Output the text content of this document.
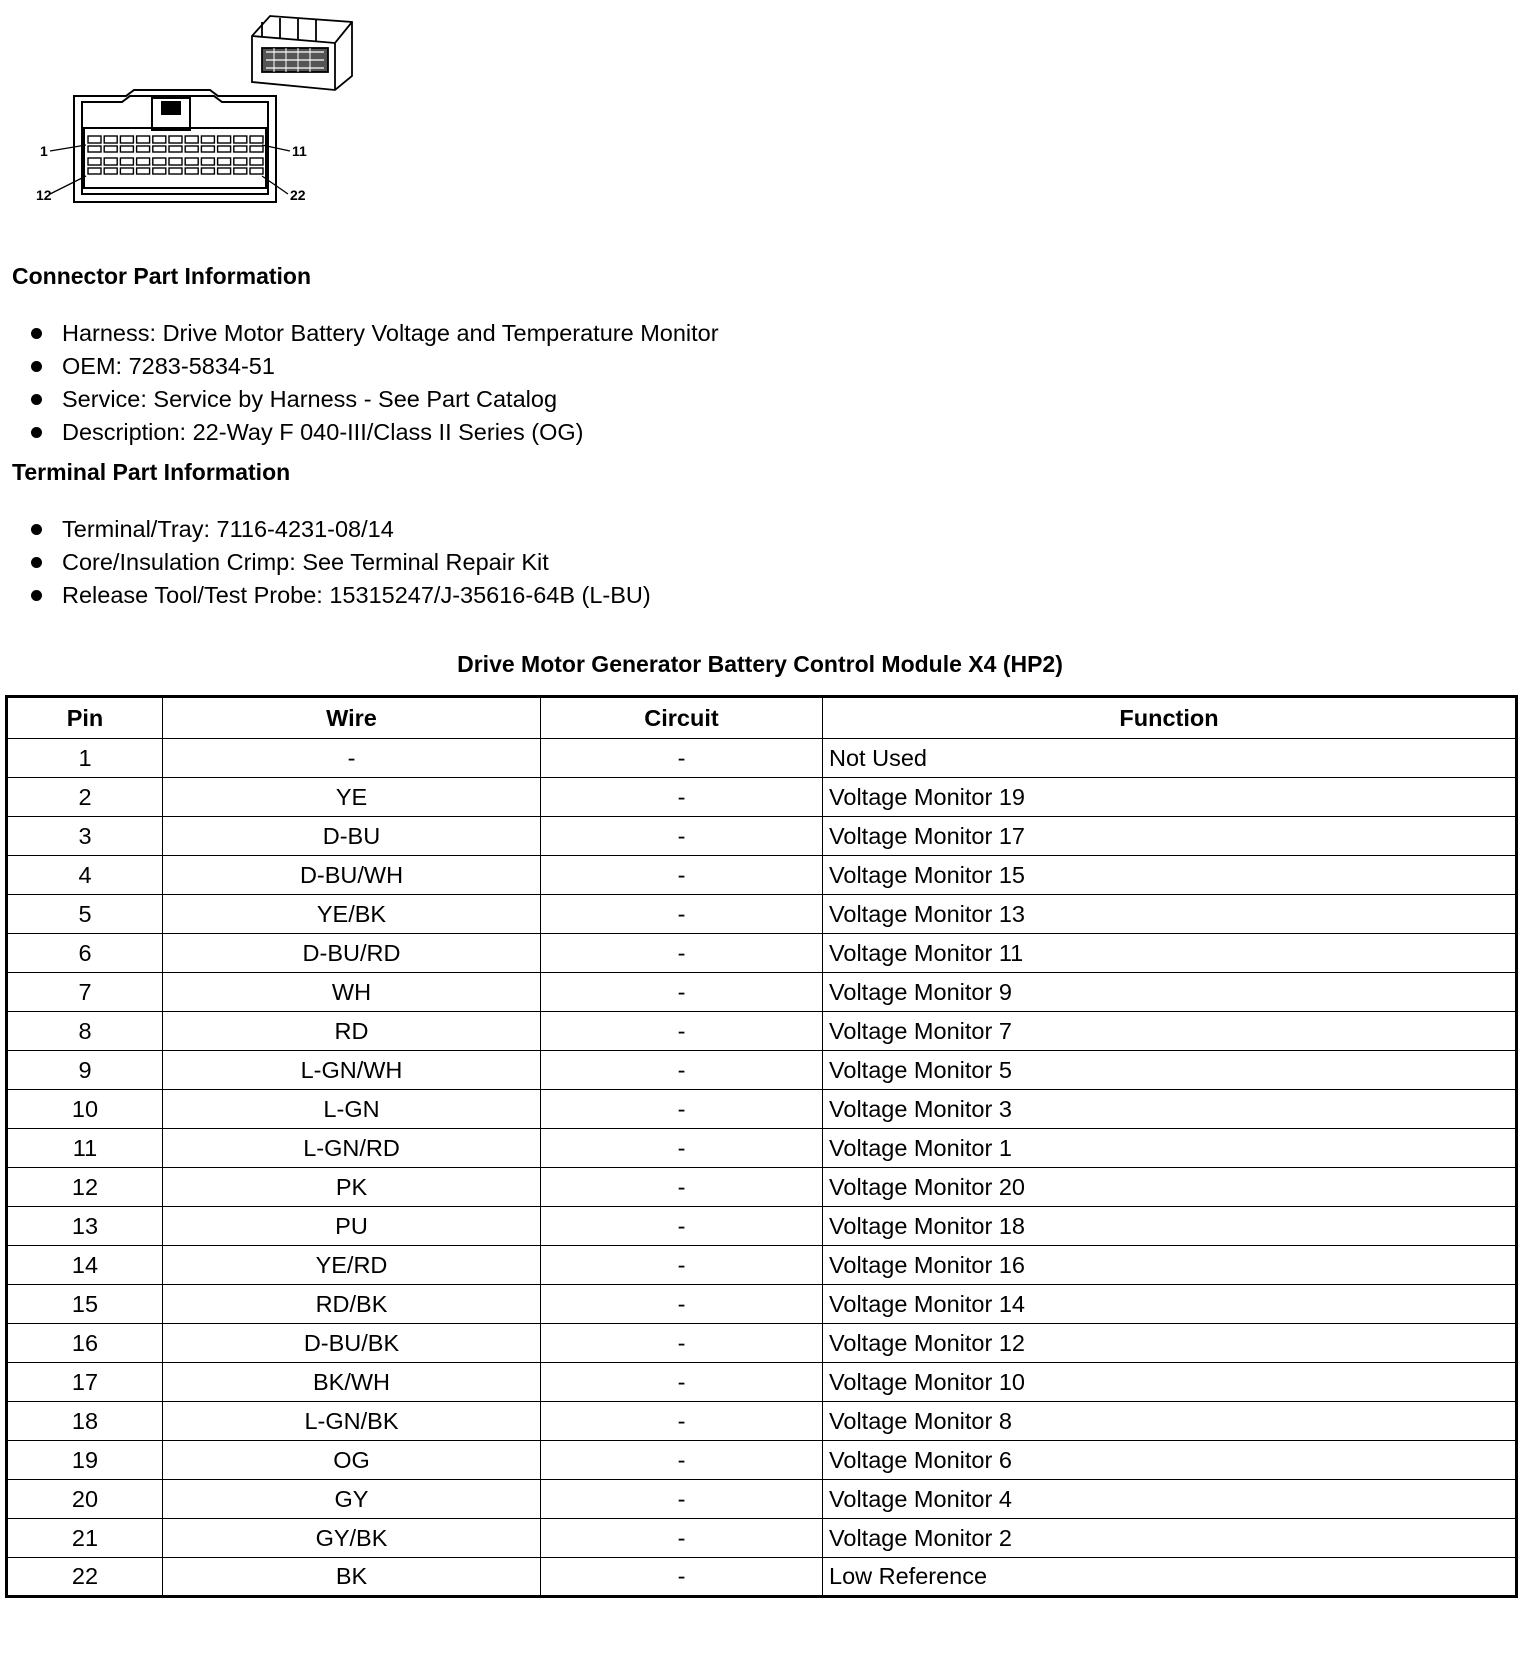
1	11
12	22
Connector Part Information
Harness: Drive Motor Battery Voltage and Temperature Monitor
OEM: 7283-5834-51
Service: Service by Harness - See Part Catalog
Description: 22-Way F 040-III/Class II Series (OG)
Terminal Part Information
Terminal/Tray: 7116-4231-08/14
Core/Insulation Crimp: See Terminal Repair Kit
Release Tool/Test Probe: 15315247/J-35616-64B (L-BU)
Drive Motor Generator Battery Control Module X4 (HP2)
Pin	Wire	Circuit	Function
1	-	-	Not Used
2	YE	-	Voltage Monitor 19
3	D-BU	-	Voltage Monitor 17
4	D-BU/WH	-	Voltage Monitor 15
5	YE/BK	-	Voltage Monitor 13
6	D-BU/RD	-	Voltage Monitor 11
7	WH	-	Voltage Monitor 9
8	RD	-	Voltage Monitor 7
9	L-GN/WH	-	Voltage Monitor 5
10	L-GN	-	Voltage Monitor 3
11	L-GN/RD	-	Voltage Monitor 1
12	PK	-	Voltage Monitor 20
13	PU	-	Voltage Monitor 18
14	YE/RD	-	Voltage Monitor 16
15	RD/BK	-	Voltage Monitor 14
16	D-BU/BK	-	Voltage Monitor 12
17	BK/WH	-	Voltage Monitor 10
18	L-GN/BK	-	Voltage Monitor 8
19	OG	-	Voltage Monitor 6
20	GY	-	Voltage Monitor 4
21	GY/BK	-	Voltage Monitor 2
22	BK	-	Low Reference
